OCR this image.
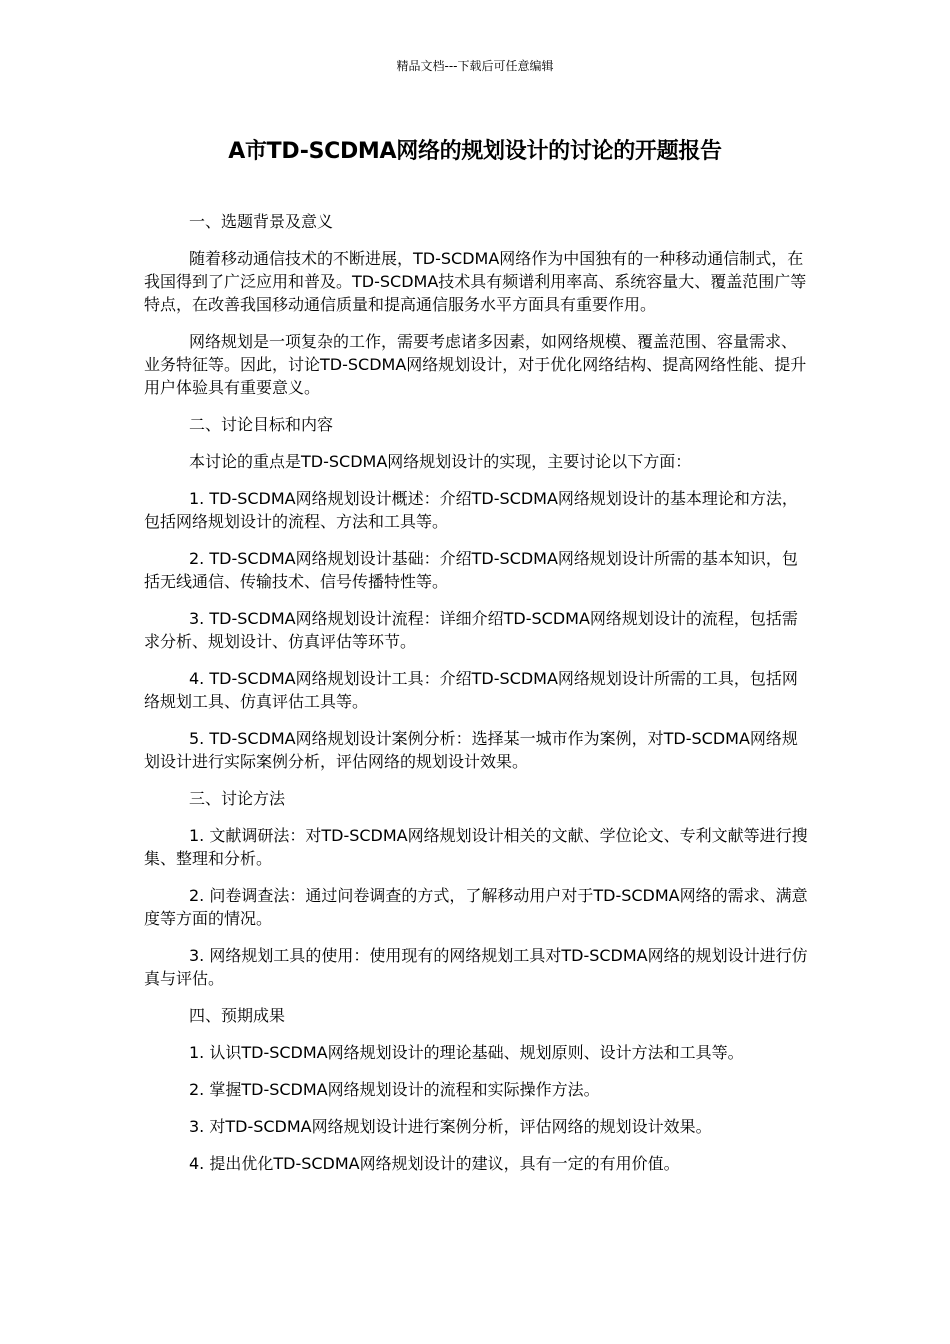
精品文档---下载后可任意编辑
A市TD-SCDMA网络的规划设计的讨论的开题报告
一、选题背景及意义
随着移动通信技术的不断进展，TD-SCDMA网络作为中国独有的一种移动通信制式，在我国得到了广泛应用和普及。TD-SCDMA技术具有频谱利用率高、系统容量大、覆盖范围广等特点，在改善我国移动通信质量和提高通信服务水平方面具有重要作用。
网络规划是一项复杂的工作，需要考虑诸多因素，如网络规模、覆盖范围、容量需求、业务特征等。因此，讨论TD-SCDMA网络规划设计，对于优化网络结构、提高网络性能、提升用户体验具有重要意义。
二、讨论目标和内容
本讨论的重点是TD-SCDMA网络规划设计的实现，主要讨论以下方面：
1. TD-SCDMA网络规划设计概述：介绍TD-SCDMA网络规划设计的基本理论和方法，包括网络规划设计的流程、方法和工具等。
2. TD-SCDMA网络规划设计基础：介绍TD-SCDMA网络规划设计所需的基本知识，包括无线通信、传输技术、信号传播特性等。
3. TD-SCDMA网络规划设计流程：详细介绍TD-SCDMA网络规划设计的流程，包括需求分析、规划设计、仿真评估等环节。
4. TD-SCDMA网络规划设计工具：介绍TD-SCDMA网络规划设计所需的工具，包括网络规划工具、仿真评估工具等。
5. TD-SCDMA网络规划设计案例分析：选择某一城市作为案例，对TD-SCDMA网络规划设计进行实际案例分析，评估网络的规划设计效果。
三、讨论方法
1. 文献调研法：对TD-SCDMA网络规划设计相关的文献、学位论文、专利文献等进行搜集、整理和分析。
2. 问卷调查法：通过问卷调查的方式，了解移动用户对于TD-SCDMA网络的需求、满意度等方面的情况。
3. 网络规划工具的使用：使用现有的网络规划工具对TD-SCDMA网络的规划设计进行仿真与评估。
四、预期成果
1. 认识TD-SCDMA网络规划设计的理论基础、规划原则、设计方法和工具等。
2. 掌握TD-SCDMA网络规划设计的流程和实际操作方法。
3. 对TD-SCDMA网络规划设计进行案例分析，评估网络的规划设计效果。
4. 提出优化TD-SCDMA网络规划设计的建议，具有一定的有用价值。
